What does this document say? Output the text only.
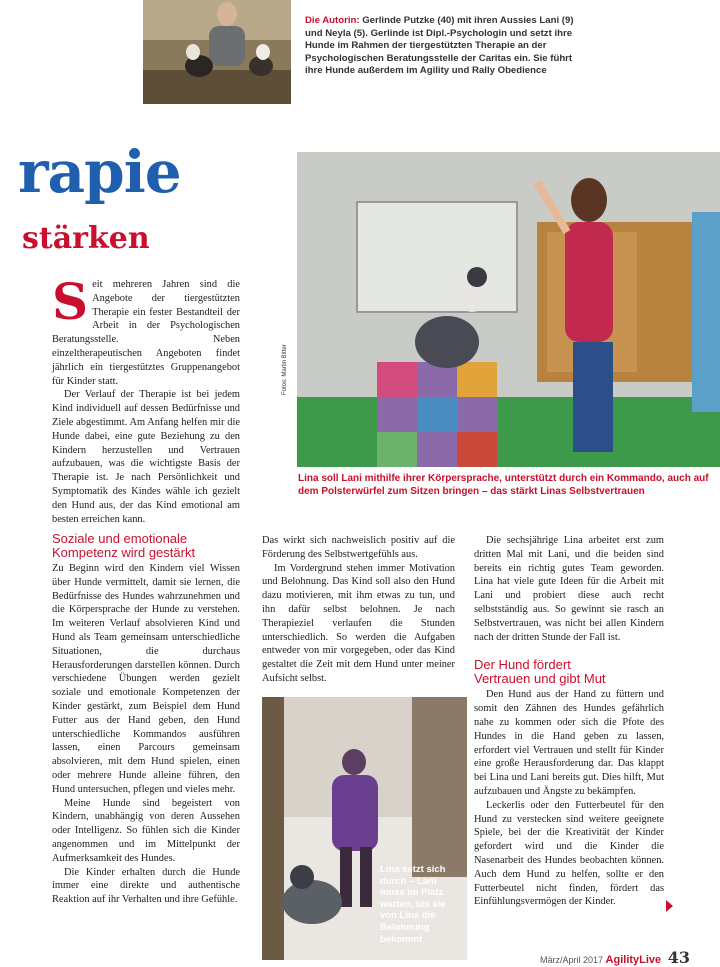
Die Autorin: Gerlinde Putzke (40) mit ihren Aussies Lani (9) und Neyla (5). Gerlinde ist Dipl.-Psychologin und setzt ihre Hunde im Rahmen der tiergestützten Therapie an der Psychologischen Beratungsstelle der Caritas ein. Sie führt ihre Hunde außerdem im Agility und Rally Obedience
rapie
stärken

Seit mehreren Jahren sind die Angebote der tiergestützten Therapie ein fester Bestandteil der Arbeit in der Psychologischen Beratungsstelle. Neben einzeltherapeutischen Angeboten findet jährlich ein tiergestütztes Gruppenangebot für Kinder statt.

Der Verlauf der Therapie ist bei jedem Kind individuell auf dessen Bedürfnisse und Ziele abgestimmt. Am Anfang helfen mir die Hunde dabei, eine gute Beziehung zu den Kindern herzustellen und Vertrauen aufzubauen, was die wichtigste Basis der Therapie ist. Je nach Persönlichkeit und Symptomatik des Kindes wähle ich gezielt den Hund aus, der das Kind emotional am besten erreichen kann.

Fotos: Martin Bitter
Lina soll Lani mithilfe ihrer Körpersprache, unterstützt durch ein Kommando, auch auf dem Polsterwürfel zum Sitzen bringen – das stärkt Linas Selbstvertrauen
Soziale und emotionale
Kompetenz wird gestärkt

Zu Beginn wird den Kindern viel Wissen über Hunde vermittelt, damit sie lernen, die Bedürfnisse des Hundes wahrzunehmen und die Körpersprache der Hunde zu verstehen. Im weiteren Verlauf absolvieren Kind und Hund als Team gemeinsam unterschiedliche Situationen, die durchaus Herausforderungen darstellen können. Durch verschiedene Übungen werden gezielt soziale und emotionale Kompetenzen der Kinder gestärkt, zum Beispiel dem Hund Futter aus der Hand geben, den Hund unterschiedliche Kommandos ausführen lassen, einen Parcours gemeinsam absolvieren, mit dem Hund spielen, einen oder mehrere Hunde alleine führen, den Hund untersuchen, pflegen und vieles mehr.

Meine Hunde sind begeistert von Kindern, unabhängig von deren Aussehen oder Intelligenz. So fühlen sich die Kinder angenommen und im Mittelpunkt der Aufmerksamkeit des Hundes.

Die Kinder erhalten durch die Hunde immer eine direkte und authentische Reaktion auf ihr Verhalten und ihre Gefühle.

Das wirkt sich nachweislich positiv auf die Förderung des Selbstwertgefühls aus.

Im Vordergrund stehen immer Motivation und Belohnung. Das Kind soll also den Hund dazu motivieren, mit ihm etwas zu tun, und ihn dafür selbst belohnen. Je nach Therapieziel verlaufen die Stunden unterschiedlich. So werden die Aufgaben entweder von mir vorgegeben, oder das Kind gestaltet die Zeit mit dem Hund unter meiner Aufsicht selbst.

Lina setzt sich durch – Lani muss im Platz warten, bis sie von Lina die Belohnung bekommt

Die sechsjährige Lina arbeitet erst zum dritten Mal mit Lani, und die beiden sind bereits ein richtig gutes Team geworden. Lina hat viele gute Ideen für die Arbeit mit Lani und probiert diese auch recht selbstständig aus. So gewinnt sie rasch an Selbstvertrauen, was nicht bei allen Kindern nach der dritten Stunde der Fall ist.

Der Hund fördert
Vertrauen und gibt Mut

Den Hund aus der Hand zu füttern und somit den Zähnen des Hundes gefährlich nahe zu kommen oder sich die Pfote des Hundes in die Hand geben zu lassen, erfordert viel Vertrauen und stellt für Kinder eine große Herausforderung dar. Das klappt bei Lina und Lani bereits gut. Dies hilft, Mut aufzubauen und Ängste zu bekämpfen.

Leckerlis oder den Futterbeutel für den Hund zu verstecken sind weitere geeignete Spiele, bei der die Kreativität der Kinder gefordert wird und die Kinder die Nasenarbeit des Hundes beobachten können. Auch dem Hund zu helfen, sollte er den Futterbeutel nicht finden, fördert das Einfühlungsvermögen der Kinder.

März/April 2017 AgilityLive 43
